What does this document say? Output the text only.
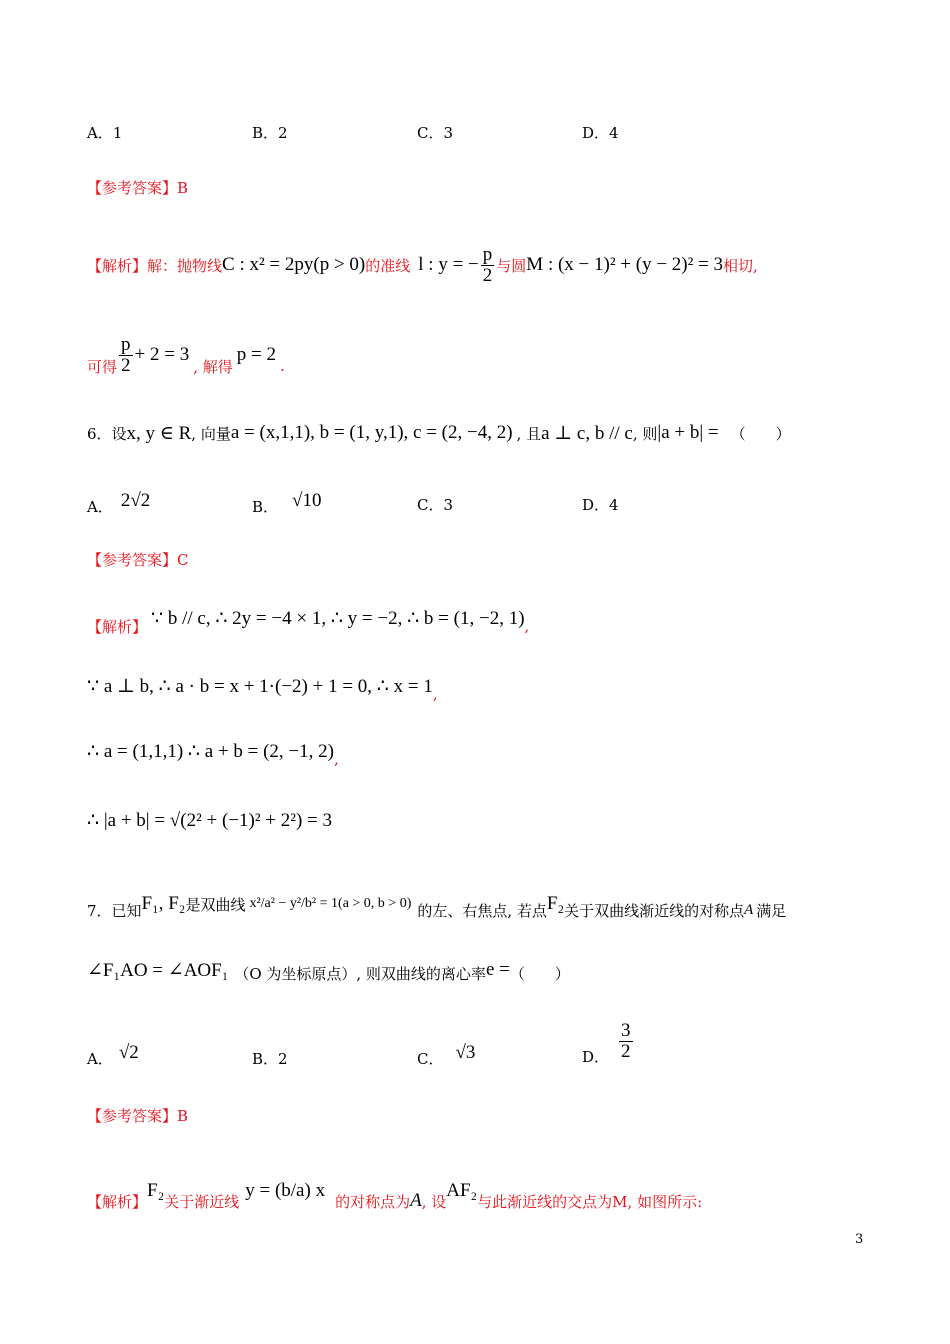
A．1	B．2	C．3	D．4
【参考答案】B
【解析】 解：抛物线 C : x² = 2py(p > 0) 的准线 l : y = − $\frac{p}{2}$ 与圆 M : (x − 1)² + (y − 2)² = 3 相切,
可得 $\frac{p}{2} + 2 = 3$
, 解得
p = 2
.
6．设 x, y ∈ R , 向量 a = (x,1,1), b = (1, y,1), c = (2, −4, 2) , 且 a ⊥ c, b // c , 则 |a + b| = （　　）
A． 2√2	B． √10	C．3	D．4
【参考答案】C
【解析】 ∵ b // c, ∴ 2y = −4 × 1, ∴ y = −2, ∴ b = (1, −2, 1) ,
∵ a ⊥ b, ∴ a · b = x + 1·(−2) + 1 = 0, ∴ x = 1 ,
∴ a = (1,1,1) ∴ a + b = (2, −1, 2) ,
∴ |a + b| = √(2² + (−1)² + 2²) = 3
7．已知 F₁, F₂ 是双曲线 x²/a² − y²/b² = 1(a > 0, b > 0) 的左、右焦点, 若点 F₂ 关于双曲线渐近线的对称点 A 满足
∠F₁AO = ∠AOF₁ （O 为坐标原点）, 则双曲线的离心率 e = （　　）
A． √2	B．2	C． √3	D． $\frac{3}{2}$
【参考答案】B
【解析】
F₂
关于渐近线
y = (b/a) x
的对称点为 A , 设
AF₂
与此渐近线的交点为M, 如图所示:
3
